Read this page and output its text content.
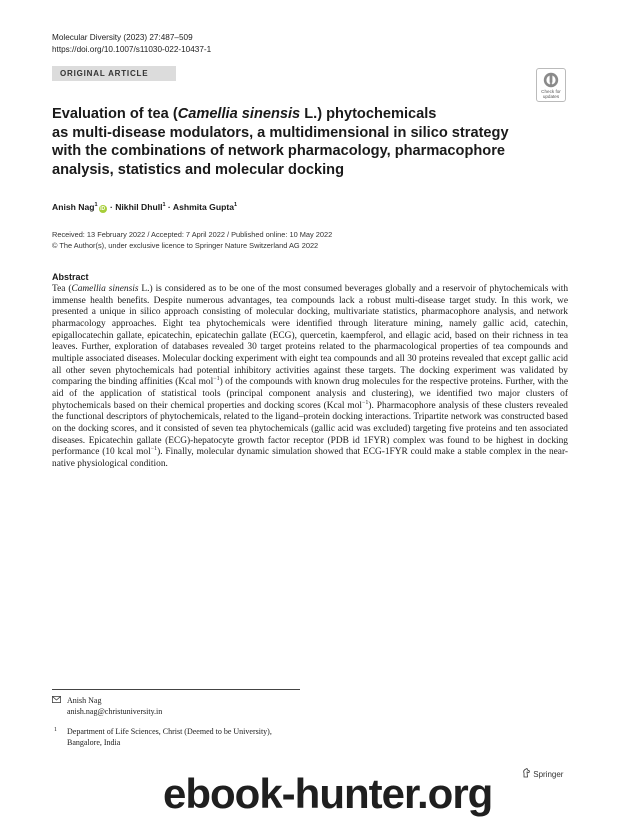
Molecular Diversity (2023) 27:487–509
https://doi.org/10.1007/s11030-022-10437-1
ORIGINAL ARTICLE
Check for
updates
Evaluation of tea (Camellia sinensis L.) phytochemicals
as multi-disease modulators, a multidimensional in silico strategy
with the combinations of network pharmacology, pharmacophore
analysis, statistics and molecular docking
Anish Nag$^1$iD · Nikhil Dhull$^1$ · Ashmita Gupta$^1$
Received: 13 February 2022 / Accepted: 7 April 2022 / Published online: 10 May 2022
© The Author(s), under exclusive licence to Springer Nature Switzerland AG 2022
Abstract

Tea (Camellia sinensis L.) is considered as to be one of the most consumed beverages globally and a reservoir of phytochemicals with immense health benefits. Despite numerous advantages, tea compounds lack a robust multi-disease target study. In this work, we presented a unique in silico approach consisting of molecular docking, multivariate statistics, pharmacophore analysis, and network pharmacology approaches. Eight tea phytochemicals were identified through literature mining, namely gallic acid, catechin, epigallocatechin gallate, epicatechin, epicatechin gallate (ECG), quercetin, kaempferol, and ellagic acid, based on their richness in tea leaves. Further, exploration of databases revealed 30 target proteins related to the pharmacological properties of tea compounds and multiple associated diseases. Molecular docking experiment with eight tea compounds and all 30 proteins revealed that except gallic acid all other seven phytochemicals had potential inhibitory activities against these targets. The docking experiment was validated by comparing the binding affinities (Kcal mol$^{-1}$) of the compounds with known drug molecules for the respective proteins. Further, with the aid of the application of statistical tools (principal component analysis and clustering), we identified two major clusters of phytochemicals based on their chemical properties and docking scores (Kcal mol$^{-1}$). Pharmacophore analysis of these clusters revealed the functional descriptors of phytochemicals, related to the ligand–protein docking interactions. Tripartite network was constructed based on the docking scores, and it consisted of seven tea phytochemicals (gallic acid was excluded) targeting five proteins and ten associated diseases. Epicatechin gallate (ECG)-hepatocyte growth factor receptor (PDB id 1FYR) complex was found to be highest in docking performance (10 kcal mol$^{-1}$). Finally, molecular dynamic simulation showed that ECG-1FYR could make a stable complex in the near-native physiological condition.

Anish Nag
anish.nag@christuniversity.in
1 Department of Life Sciences, Christ (Deemed to be University), Bangalore, India
Springer
ebook-hunter.org
